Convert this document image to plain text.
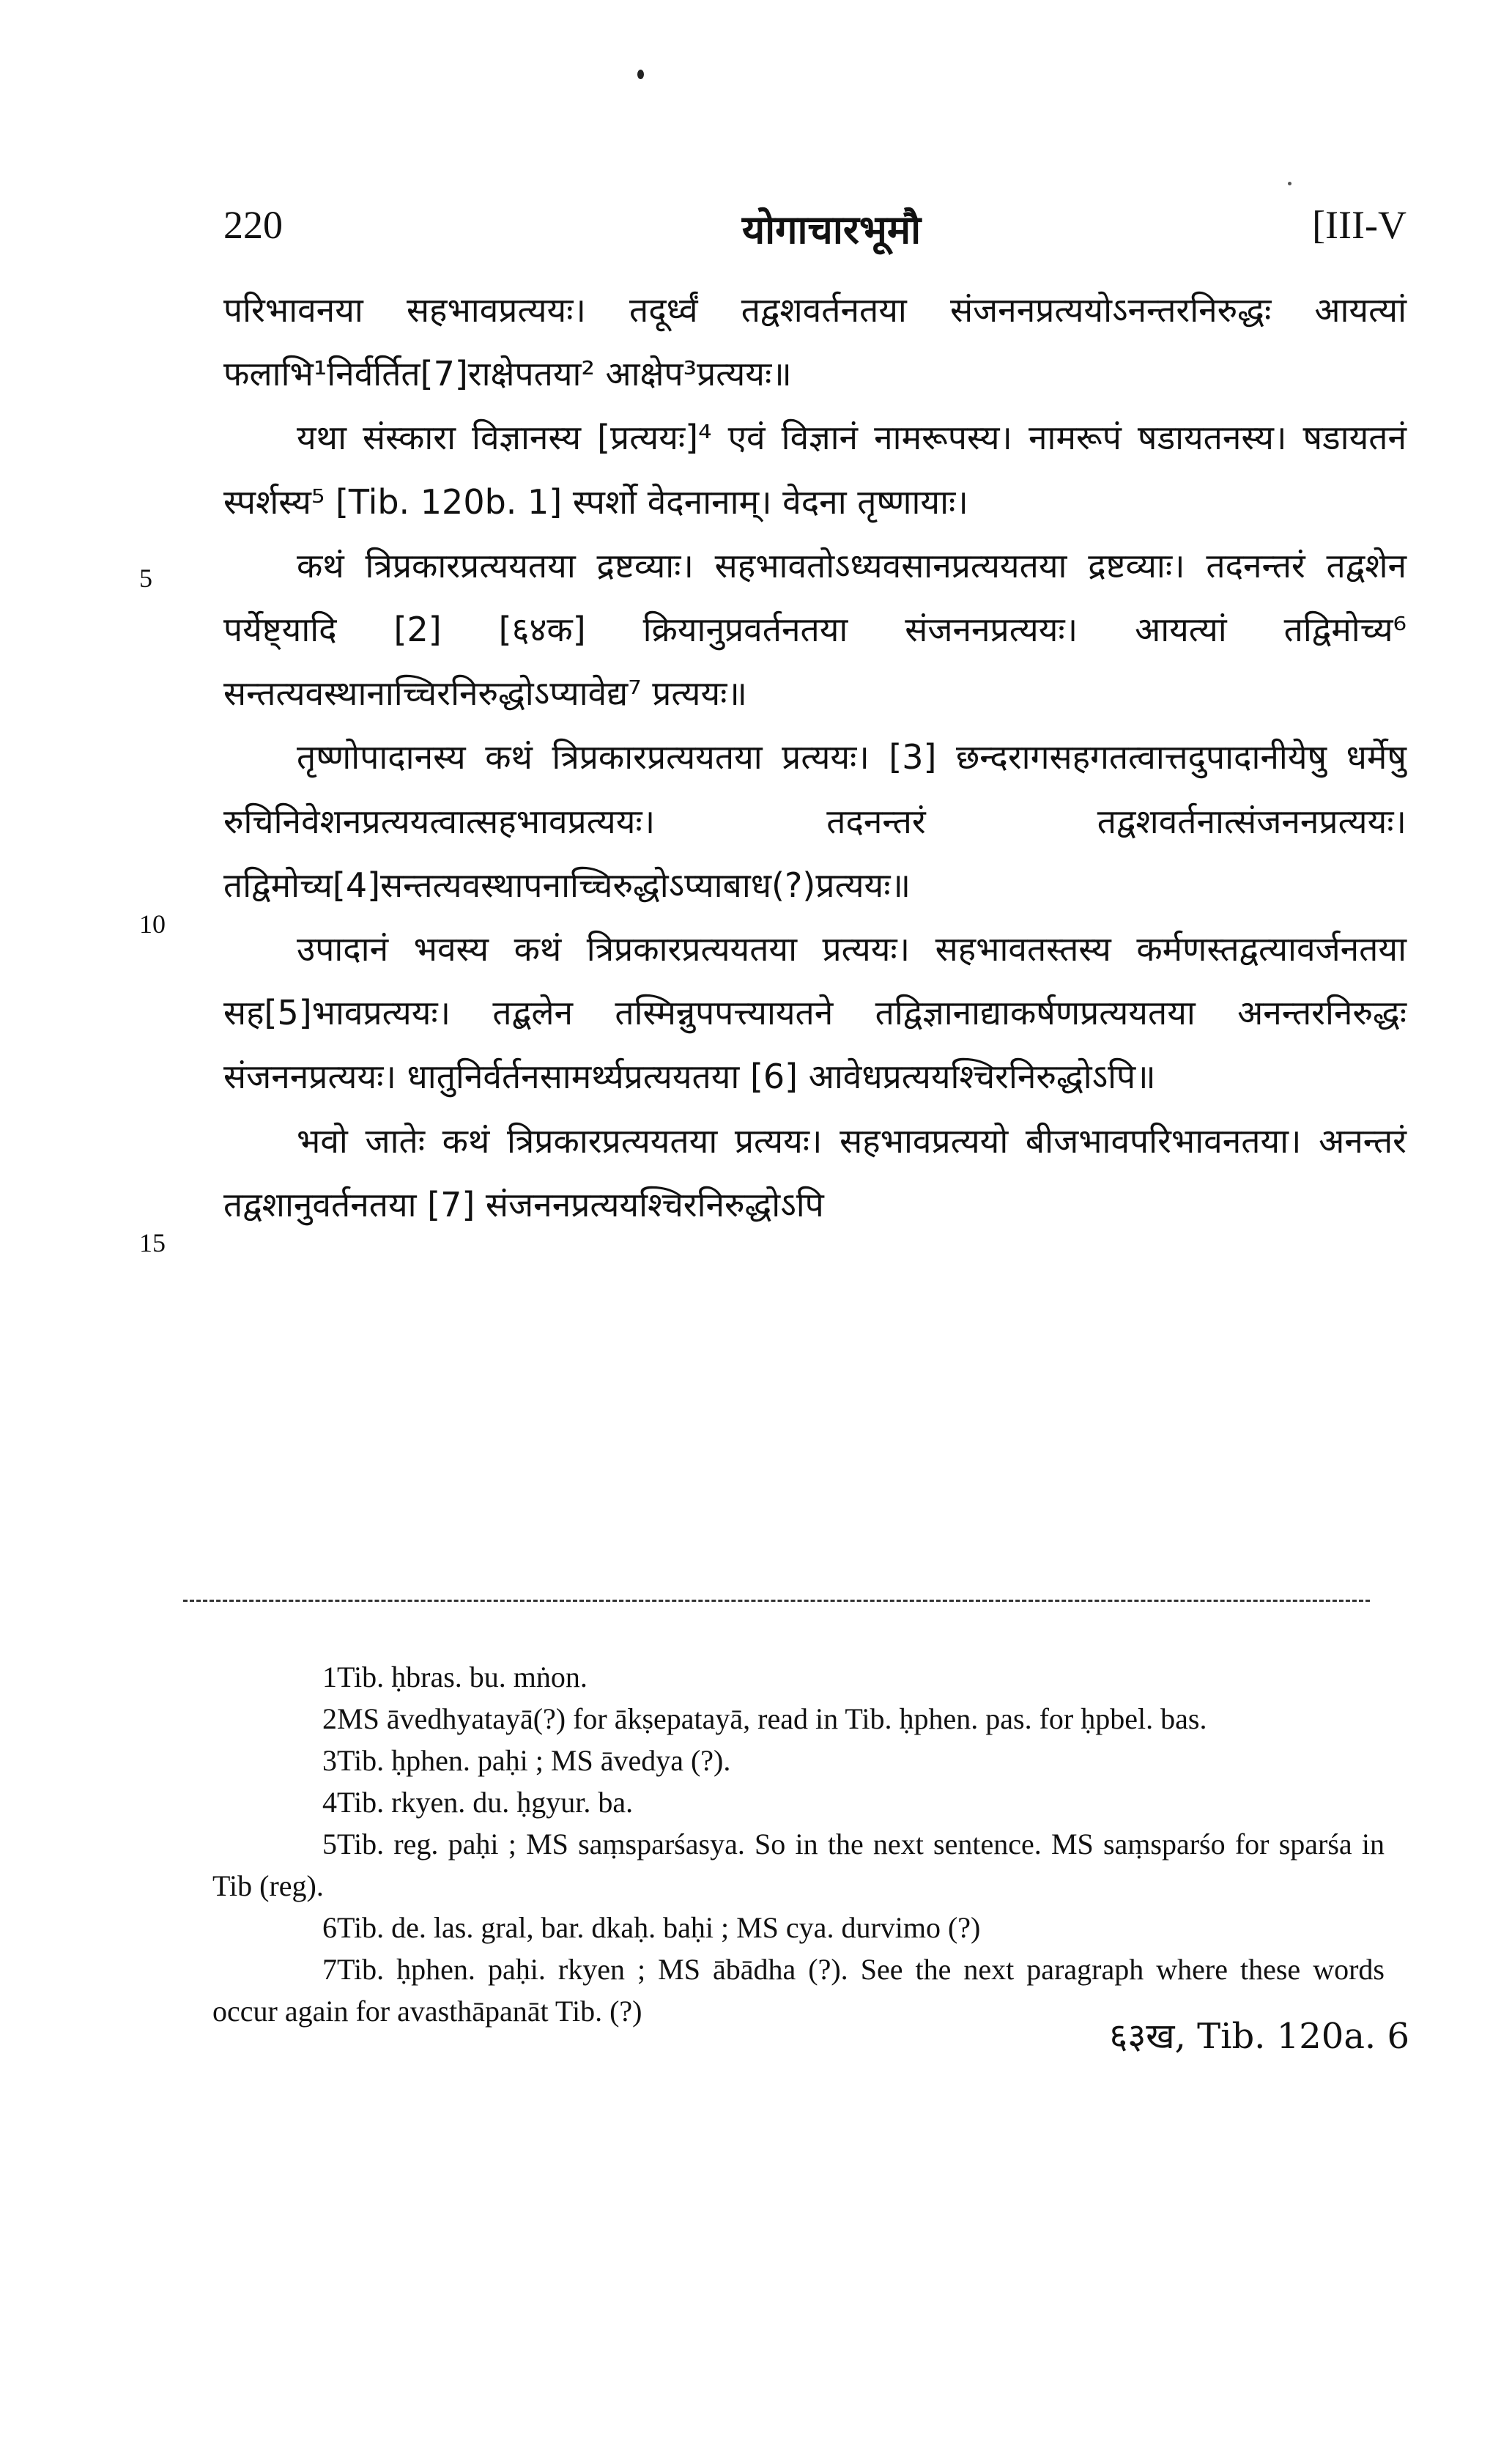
220	योगाचारभूमौ	[III-V
5
10
15

परिभावनया सहभावप्रत्ययः। तदूर्ध्वं तद्वशवर्तनतया संजननप्रत्ययोऽनन्तरनिरुद्धः आयत्यां फलाभि¹निर्वर्तित[7]राक्षेपतया² आक्षेप³प्रत्ययः॥

यथा संस्कारा विज्ञानस्य [प्रत्ययः]⁴ एवं विज्ञानं नामरूपस्य। नामरूपं षडायतनस्य। षडायतनं स्पर्शस्य⁵ [Tib. 120b. 1] स्पर्शो वेदनानाम्। वेदना तृष्णायाः।

कथं त्रिप्रकारप्रत्ययतया द्रष्टव्याः। सहभावतोऽध्यवसानप्रत्ययतया द्रष्टव्याः। तदनन्तरं तद्वशेन पर्येष्ट्यादि [2] [६४क] क्रियानुप्रवर्तनतया संजननप्रत्ययः। आयत्यां तद्विमोच्य⁶ सन्तत्यवस्थानाच्चिरनिरुद्धोऽप्यावेद्य⁷ प्रत्ययः॥

तृष्णोपादानस्य कथं त्रिप्रकारप्रत्ययतया प्रत्ययः। [3] छन्दरागसहगतत्वात्तदुपादानीयेषु धर्मेषु रुचिनिवेशनप्रत्ययत्वात्सहभावप्रत्ययः। तदनन्तरं तद्वशवर्तनात्संजननप्रत्ययः। तद्विमोच्य[4]सन्तत्यवस्थापनाच्चिरुद्धोऽप्याबाध(?)प्रत्ययः॥

उपादानं भवस्य कथं त्रिप्रकारप्रत्ययतया प्रत्ययः। सहभावतस्तस्य कर्मणस्तद्वत्यावर्जनतया सह[5]भावप्रत्ययः। तद्बलेन तस्मिन्नुपपत्त्यायतने तद्विज्ञानाद्याकर्षणप्रत्ययतया अनन्तरनिरुद्धः संजननप्रत्ययः। धातुनिर्वर्तनसामर्थ्यप्रत्ययतया [6] आवेधप्रत्ययश्चिरनिरुद्धोऽपि॥

भवो जातेः कथं त्रिप्रकारप्रत्ययतया प्रत्ययः। सहभावप्रत्ययो बीजभावपरिभावनतया। अनन्तरं तद्वशानुवर्तनतया [7] संजननप्रत्ययश्चिरनिरुद्धोऽपि

1Tib. ḥbras. bu. mṅon.

2MS āvedhyatayā(?) for ākṣepatayā, read in Tib. ḥphen. pas. for ḥpbel. bas.

3Tib. ḥphen. paḥi ; MS āvedya (?).

4Tib. rkyen. du. ḥgyur. ba.

5Tib. reg. paḥi ; MS saṃsparśasya. So in the next sentence. MS saṃsparśo for sparśa in Tib (reg).

6Tib. de. las. gral, bar. dkaḥ. baḥi ; MS cya. durvimo (?)

7Tib. ḥphen. paḥi. rkyen ; MS ābādha (?). See the next paragraph where these words occur again for avasthāpanāt Tib. (?)

६३ख, Tib. 120a. 6
